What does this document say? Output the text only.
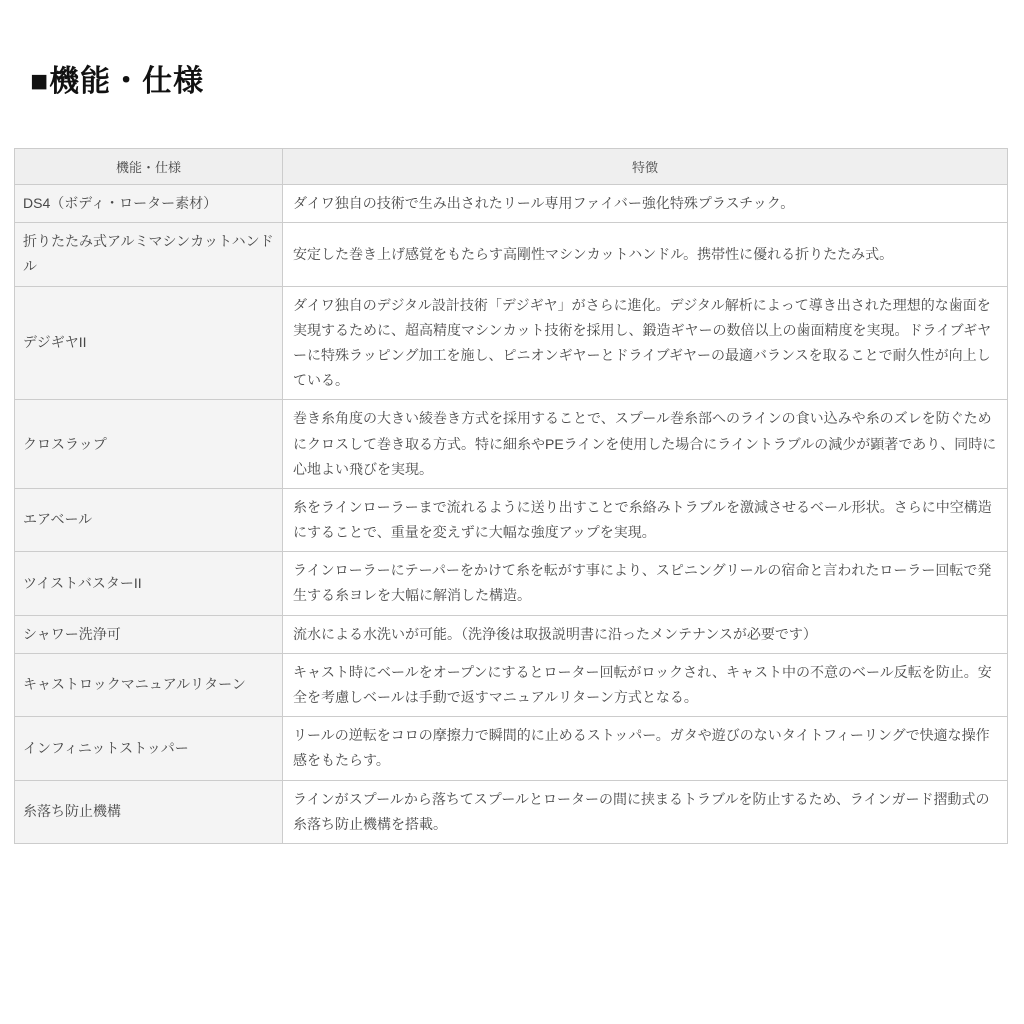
■機能・仕様
機能・仕様	特徴
DS4（ボディ・ローター素材）	ダイワ独自の技術で生み出されたリール専用ファイバー強化特殊プラスチック。
折りたたみ式アルミマシンカットハンドル	安定した巻き上げ感覚をもたらす高剛性マシンカットハンドル。携帯性に優れる折りたたみ式。
デジギヤII	ダイワ独自のデジタル設計技術「デジギヤ」がさらに進化。デジタル解析によって導き出された理想的な歯面を実現するために、超高精度マシンカット技術を採用し、鍛造ギヤーの数倍以上の歯面精度を実現。ドライブギヤーに特殊ラッピング加工を施し、ピニオンギヤーとドライブギヤーの最適バランスを取ることで耐久性が向上している。
クロスラップ	巻き糸角度の大きい綾巻き方式を採用することで、スプール巻糸部へのラインの食い込みや糸のズレを防ぐためにクロスして巻き取る方式。特に細糸やPEラインを使用した場合にライントラブルの減少が顕著であり、同時に心地よい飛びを実現。
エアベール	糸をラインローラーまで流れるように送り出すことで糸絡みトラブルを激減させるベール形状。さらに中空構造にすることで、重量を変えずに大幅な強度アップを実現。
ツイストバスターII	ラインローラーにテーパーをかけて糸を転がす事により、スピニングリールの宿命と言われたローラー回転で発生する糸ヨレを大幅に解消した構造。
シャワー洗浄可	流水による水洗いが可能。（洗浄後は取扱説明書に沿ったメンテナンスが必要です）
キャストロックマニュアルリターン	キャスト時にベールをオープンにするとローター回転がロックされ、キャスト中の不意のベール反転を防止。安全を考慮しベールは手動で返すマニュアルリターン方式となる。
インフィニットストッパー	リールの逆転をコロの摩擦力で瞬間的に止めるストッパー。ガタや遊びのないタイトフィーリングで快適な操作感をもたらす。
糸落ち防止機構	ラインがスプールから落ちてスプールとローターの間に挟まるトラブルを防止するため、ラインガード摺動式の糸落ち防止機構を搭載。
